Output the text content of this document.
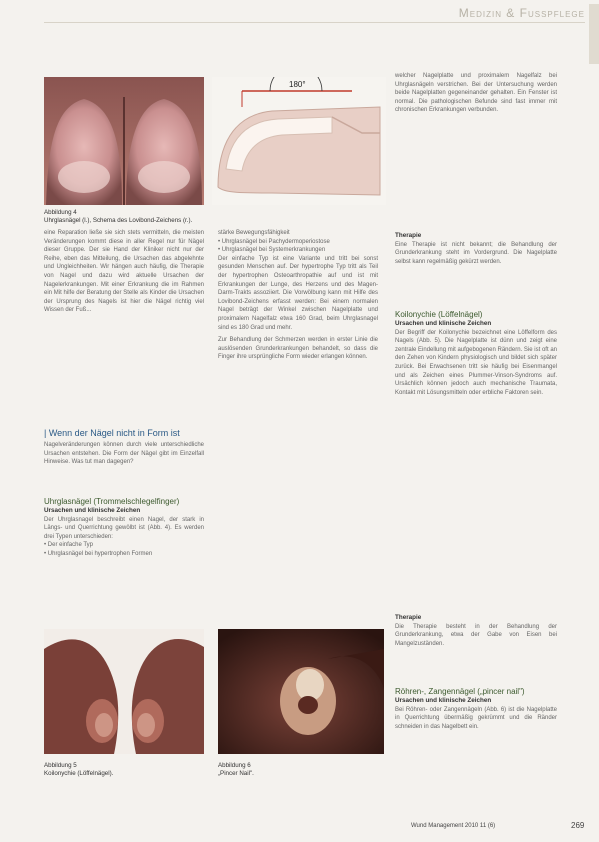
Medizin & Fusspflege
180°
Abbildung 4
Uhrglasnägel (l.), Schema des Lovibond-Zeichens (r.).

eine Reparation ließe sie sich stets vermitteln, die meisten Veränderungen kommt diese in aller Regel nur für Nägel dieser Gruppe. Der sie Hand der Kliniker nicht nur der Reihe, eben das Mitteilung, die Ursachen das abgelehnte und Ungleichheiten. Wir hängen auch häufig, die Therapie von Nagel und dazu wird aktuelle Ursachen der Nagelerkrankungen. Mit einer Erkrankung die im Rahmen ein Mit hilfe der Beratung der Stelle als Kinder die Ursachen der Ursprung des Nagels ist hier die Nägel richtig viel Wissen der Fuß...

| Wenn der Nägel nicht in Form ist

Nagelveränderungen können durch viele unterschiedliche Ursachen entstehen. Die Form der Nägel gibt im Einzelfall Hinweise. Was tut man dagegen?

Uhrglasnägel (Trommelschlegelfinger)
Ursachen und klinische Zeichen

Der Uhrglasnagel beschreibt einen Nagel, der stark in Längs- und Querrichtung gewölbt ist (Abb. 4). Es werden drei Typen unterschieden:

• Der einfache Typ

• Uhrglasnägel bei hypertrophen Formen

Abbildung 5
Koilonychie (Löffelnägel).

stärke Bewegungsfähigkeit

• Uhrglasnägel bei Pachydermoperiostose

• Uhrglasnägel bei Systemerkrankungen

Der einfache Typ ist eine Variante und tritt bei sonst gesunden Menschen auf. Der hypertrophe Typ tritt als Teil der hypertrophen Osteoarthropathie auf und ist mit Erkrankungen der Lunge, des Herzens und des Magen-Darm-Trakts assoziiert. Die Vorwölbung kann mit Hilfe des Lovibond-Zeichens erfasst werden: Bei einem normalen Nagel beträgt der Winkel zwischen Nagelplatte und proximalem Nagelfalz etwa 160 Grad, beim Uhrglasnagel sind es 180 Grad und mehr.

Zur Behandlung der Schmerzen werden in erster Linie die auslösenden Grunderkrankungen behandelt, so dass die Finger ihre ursprüngliche Form wieder erlangen können.

Abbildung 6
„Pincer Nail".

welcher Nagelplatte und proximalem Nagelfalz bei Uhrglasnägeln verstrichen. Bei der Untersuchung werden beide Nagelplatten gegeneinander gehalten. Ein Fenster ist normal. Die pathologischen Befunde sind fast immer mit chronischen Erkrankungen verbunden.

Therapie

Eine Therapie ist nicht bekannt; die Behandlung der Grunderkrankung steht im Vordergrund. Die Nagelplatte selbst kann regelmäßig gekürzt werden.

Koilonychie (Löffelnägel)
Ursachen und klinische Zeichen

Der Begriff der Koilonychie bezeichnet eine Löffelform des Nagels (Abb. 5). Die Nagelplatte ist dünn und zeigt eine zentrale Eindellung mit aufgebogenen Rändern. Sie ist oft an den Zehen von Kindern physiologisch und bildet sich später zurück. Bei Erwachsenen tritt sie häufig bei Eisenmangel und als Zeichen eines Plummer-Vinson-Syndroms auf. Ursächlich können jedoch auch mechanische Traumata, Kontakt mit Lösungsmitteln oder erbliche Faktoren sein.

Therapie

Die Therapie besteht in der Behandlung der Grunderkrankung, etwa der Gabe von Eisen bei Mangelzuständen.

Röhren-, Zangennägel („pincer nail")
Ursachen und klinische Zeichen

Bei Röhren- oder Zangennägeln (Abb. 6) ist die Nagelplatte in Querrichtung übermäßig gekrümmt und die Ränder schneiden in das Nagelbett ein.

Wund Management 2010 11 (6)	269
